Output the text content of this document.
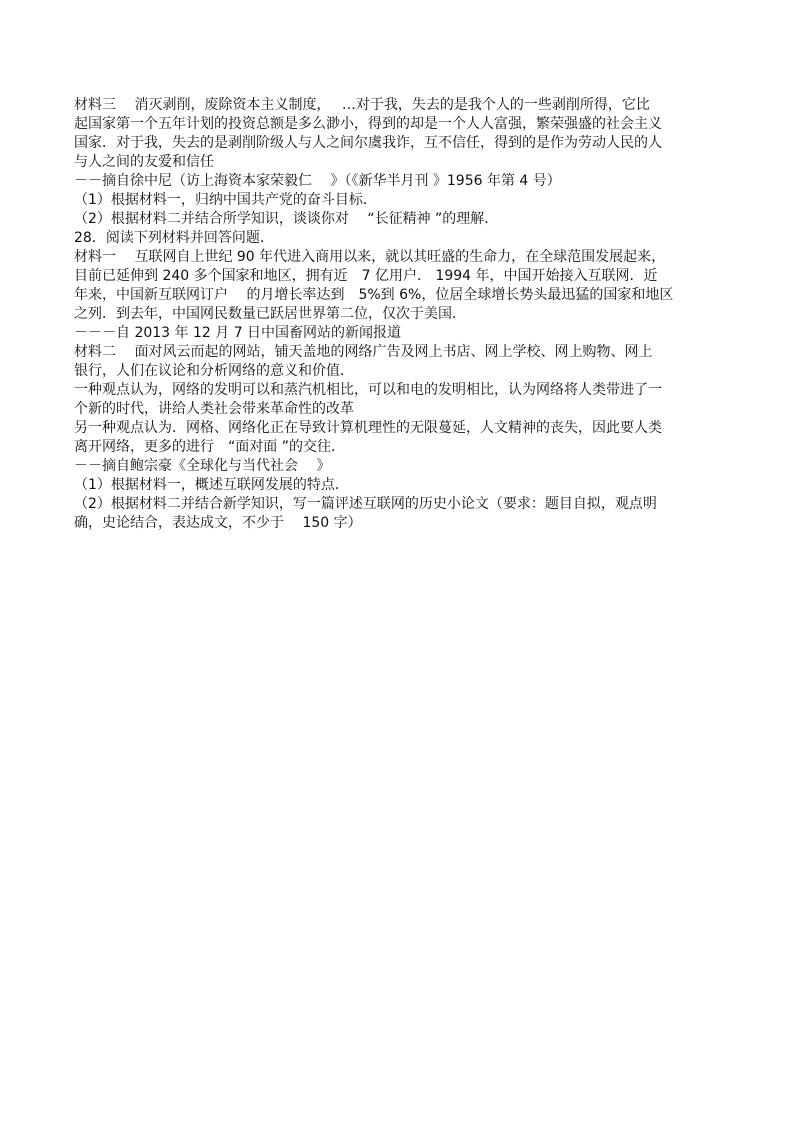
材料三　 消灭剥削，废除资本主义制度，　 …对于我，失去的是我个人的一些剥削所得，它比

起国家第一个五年计划的投资总额是多么渺小，得到的却是一个人人富强，繁荣强盛的社会主义

国家．对于我，失去的是剥削阶级人与人之间尔虞我诈，互不信任，得到的是作为劳动人民的人

与人之间的友爱和信任

－－摘自徐中尼（访上海资本家荣毅仁　 》（《新华半月刊 》1956 年第 4 号）

（1）根据材料一，归纳中国共产党的奋斗目标．

（2）根据材料二并结合所学知识，谈谈你对　 “长征精神 ”的理解．

28．阅读下列材料并回答问题．

材料一　 互联网自上世纪 90 年代进入商用以来，就以其旺盛的生命力，在全球范围发展起来，

目前已延伸到 240 多个国家和地区，拥有近　7 亿用户． 1994 年，中国开始接入互联网．近

年来，中国新互联网订户　 的月增长率达到　5%到 6%，位居全球增长势头最迅猛的国家和地区

之列．到去年，中国网民数量已跃居世界第二位，仅次于美国．

－－－自 2013 年 12 月 7 日中国畜网站的新闻报道

材料二　 面对风云而起的网站，铺天盖地的网络广告及网上书店、网上学校、网上购物、网上

银行，人们在议论和分析网络的意义和价值．

一种观点认为，网络的发明可以和蒸汽机相比，可以和电的发明相比，认为网络将人类带进了一

个新的时代，讲给人类社会带来革命性的改革

另一种观点认为．网格、网络化正在导致计算机理性的无限蔓延，人文精神的丧失，因此要人类

离开网络，更多的进行　“面对面 ”的交往．

－－摘自鲍宗豪《全球化与当代社会　 》

（1）根据材料一，概述互联网发展的特点．

（2）根据材料二并结合新学知识，写一篇评述互联网的历史小论文（要求：题目自拟，观点明

确，史论结合，表达成文，不少于　 150 字）
